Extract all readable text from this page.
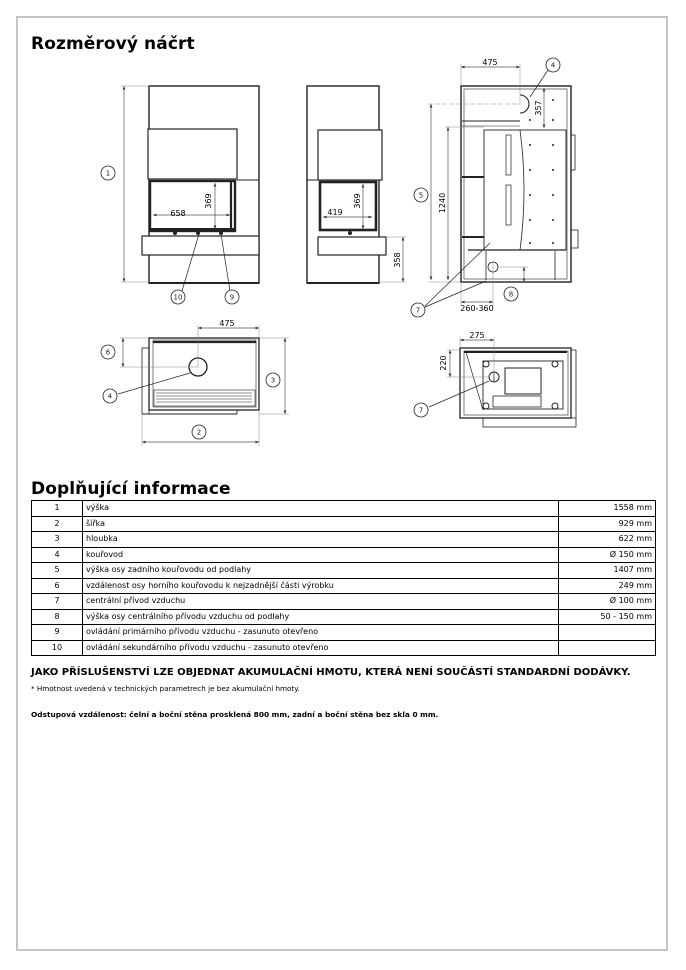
Rozměrový náčrt
658
369
419
369
358
475
357
1240
260-360
475
275
220
1
10	9
4
5
7
8
6
4
3
2
7
Doplňující informace
1	výška	1558 mm
2	šířka	929 mm
3	hloubka	622 mm
4	kouřovod	Ø 150 mm
5	výška osy zadního kouřovodu od podlahy	1407 mm
6	vzdálenost osy horního kouřovodu k nejzadnější části výrobku	249 mm
7	centrální přívod vzduchu	Ø 100 mm
8	výška osy centrálního přívodu vzduchu od podlahy	50 - 150 mm
9	ovládání primárního přívodu vzduchu - zasunuto otevřeno	
10	ovládání sekundárního přívodu vzduchu - zasunuto otevřeno	
JAKO PŘÍSLUŠENSTVÍ LZE OBJEDNAT AKUMULAČNÍ HMOTU, KTERÁ NENÍ SOUČÁSTÍ STANDARDNÍ DODÁVKY.
* Hmotnost uvedená v technických parametrech je bez akumulační hmoty.
Odstupová vzdálenost: čelní a boční stěna prosklená 800 mm, zadní a boční stěna bez skla 0 mm.
